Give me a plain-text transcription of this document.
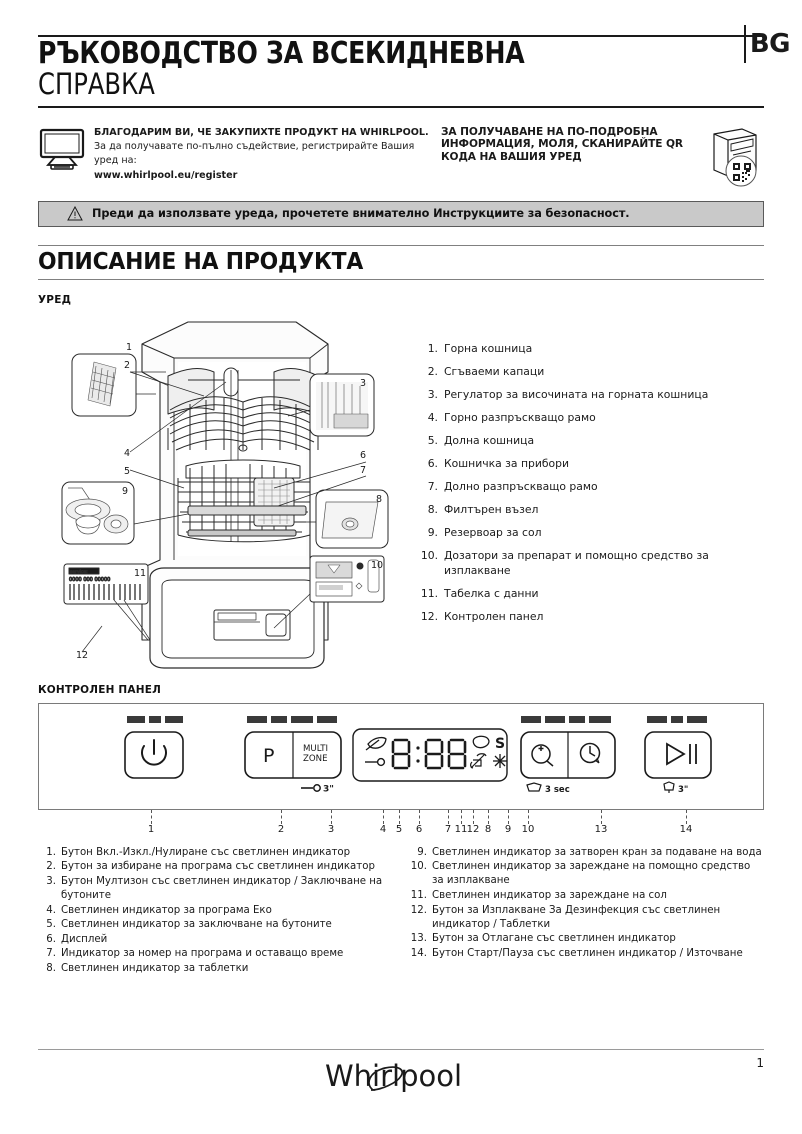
BG
РЪКОВОДСТВО ЗА ВСЕКИДНЕВНА
СПРАВКА
БЛАГОДАРИМ ВИ, ЧЕ ЗАКУПИХТЕ ПРОДУКТ НА WHIRLPOOL. За да получавате по-пълно съдействие, регистрирайте Вашия уред на:
www.whirlpool.eu/register
ЗА ПОЛУЧАВАНЕ НА ПО-ПОДРОБНА ИНФОРМАЦИЯ, МОЛЯ, СКАНИРАЙТЕ QR КОДА НА ВАШИЯ УРЕД
Преди да използвате уреда, прочетете внимателно Инструкциите за безопасност.
ОПИСАНИЕ НА ПРОДУКТА
УРЕД
service:
0000 000 00000
1
2
3
4
5
6
7
8
9
10
11
12
1. Горна кошница
2. Сгъваеми капаци
3. Регулатор за височината на горната кошница
4. Горно разпръскващо рамо
5. Долна кошница
6. Кошничка за прибори
7. Долно разпръскващо рамо
8. Филтърен възел
9. Резервоар за сол
10. Дозатори за препарат и помощно средство за изплакване
11. Табелка с данни
12. Контролен панел
КОНТРОЛЕН ПАНЕЛ
P	MULTI
ZONE
3"
S
3 sec	3"
1	2	3	4 5 6 7 11 12 8 9 10	13	14
1. Бутон Вкл.-Изкл./Нулиране със светлинен индикатор
2. Бутон за избиране на програма със светлинен индикатор
3. Бутон Мултизон със светлинен индикатор / Заключване на бутоните
4. Светлинен индикатор за програма Еко
5. Светлинен индикатор за заключване на бутоните
6. Дисплей
7. Индикатор за номер на програма и оставащо време
8. Светлинен индикатор за таблетки
9. Светлинен индикатор за затворен кран за подаване на вода
10. Светлинен индикатор за зареждане на помощно средство за изплакване
11. Светлинен индикатор за зареждане на сол
12. Бутон за Изплакване За Дезинфекция със светлинен индикатор / Таблетки
13. Бутон за Отлагане със светлинен индикатор
14. Бутон Старт/Пауза със светлинен индикатор / Източване
Whirlpool	1
